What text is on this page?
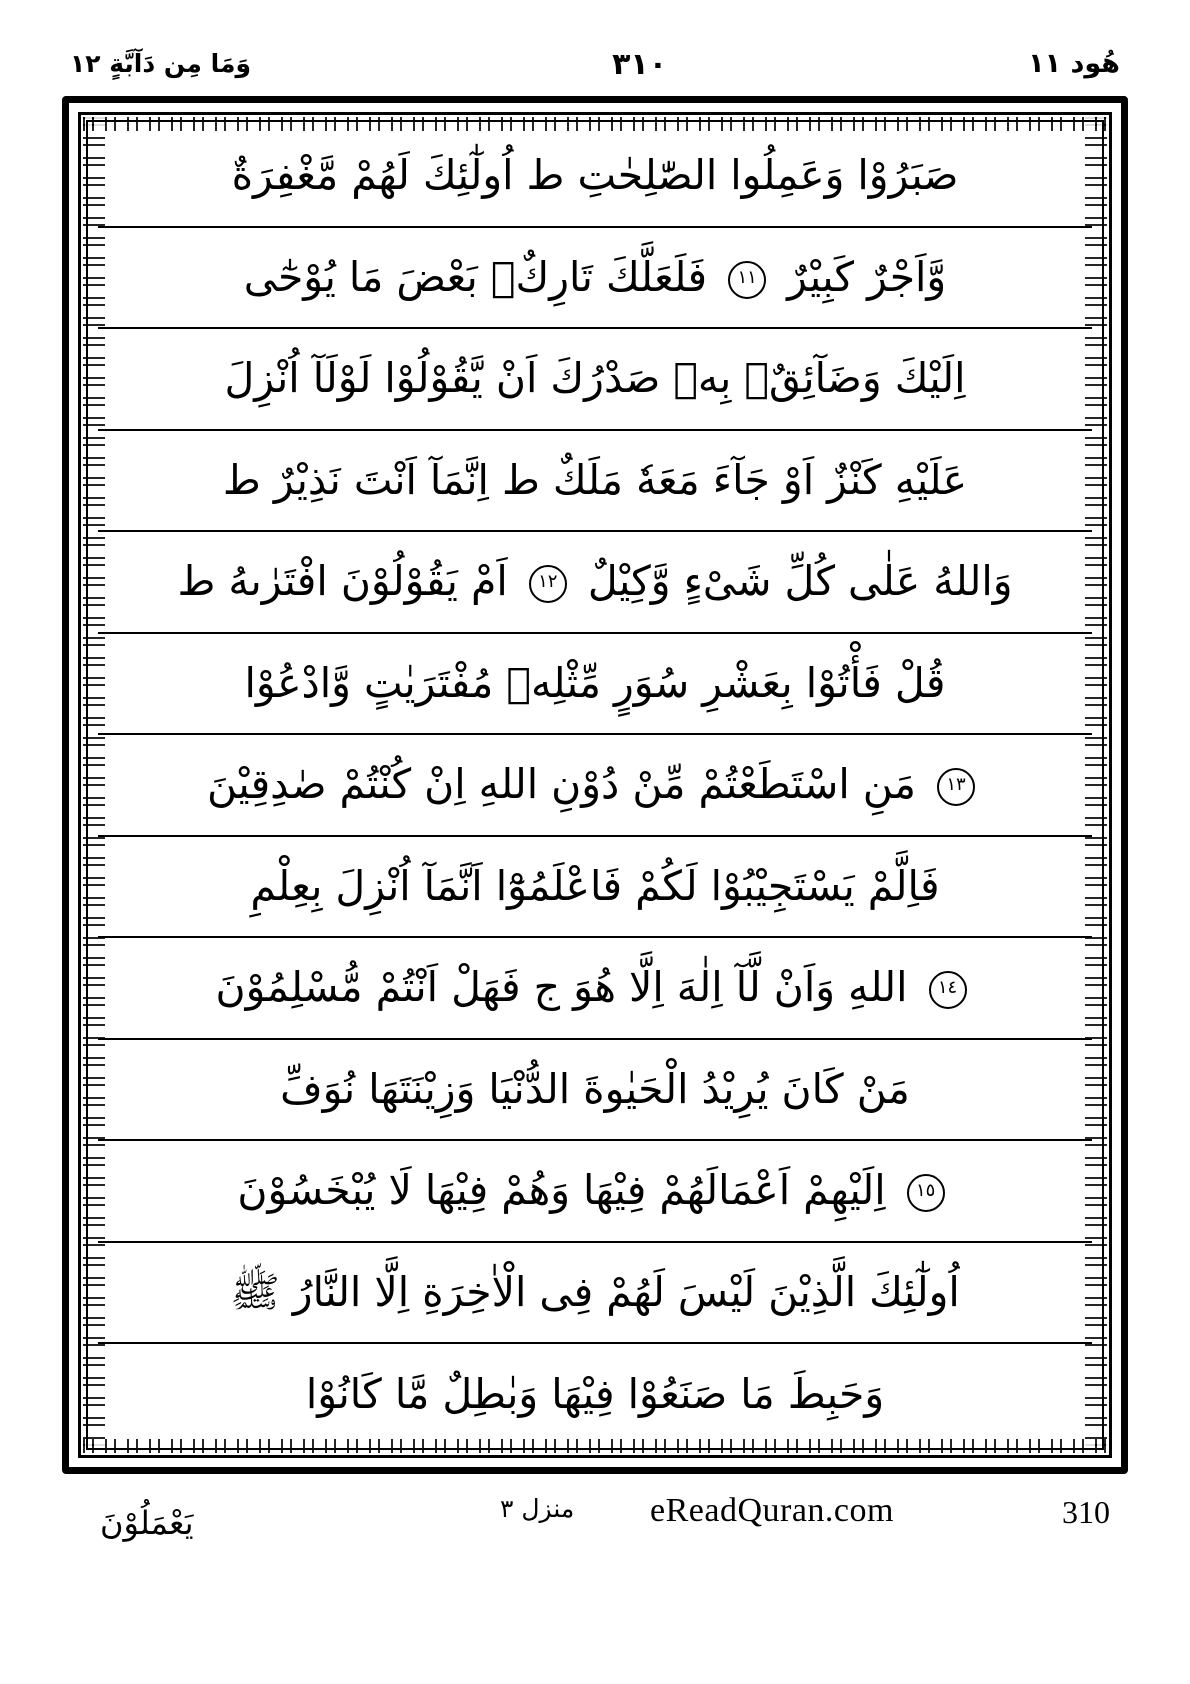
هُود ١١
٣١٠
وَمَا مِن دَآبَّةٍ ١٢
صَبَرُوْا وَعَمِلُوا الصّٰلِحٰتِ ط اُولٰٓئِكَ لَهُمْ مَّغْفِرَةٌ
وَّاَجْرٌ كَبِيْرٌ ١١ فَلَعَلَّكَ تَارِكٌۢ بَعْضَ مَا يُوْحٰٓى
اِلَيْكَ وَضَآئِقٌۢ بِهٖ صَدْرُكَ اَنْ يَّقُوْلُوْا لَوْلَآ اُنْزِلَ
عَلَيْهِ كَنْزٌ اَوْ جَآءَ مَعَهٗ مَلَكٌ ط اِنَّمَآ اَنْتَ نَذِيْرٌ ط
وَاللهُ عَلٰى كُلِّ شَىْءٍ وَّكِيْلٌ ١٢ اَمْ يَقُوْلُوْنَ افْتَرٰىهُ ط
قُلْ فَأْتُوْا بِعَشْرِ سُوَرٍ مِّثْلِهٖ مُفْتَرَيٰتٍ وَّادْعُوْا
١٣ مَنِ اسْتَطَعْتُمْ مِّنْ دُوْنِ اللهِ اِنْ كُنْتُمْ صٰدِقِيْنَ
فَاِلَّمْ يَسْتَجِيْبُوْا لَكُمْ فَاعْلَمُوْٓا اَنَّمَآ اُنْزِلَ بِعِلْمِ
١٤ اللهِ وَاَنْ لَّآ اِلٰهَ اِلَّا هُوَ ج فَهَلْ اَنْتُمْ مُّسْلِمُوْنَ
مَنْ كَانَ يُرِيْدُ الْحَيٰوةَ الدُّنْيَا وَزِيْنَتَهَا نُوَفِّ
١٥ اِلَيْهِمْ اَعْمَالَهُمْ فِيْهَا وَهُمْ فِيْهَا لَا يُبْخَسُوْنَ
اُولٰٓئِكَ الَّذِيْنَ لَيْسَ لَهُمْ فِى الْاٰخِرَةِ اِلَّا النَّارُ ﷺ
وَحَبِطَ مَا صَنَعُوْا فِيْهَا وَبٰطِلٌ مَّا كَانُوْا
يَعْمَلُوْنَ	منزل ٣ eReadQuran.com	310
